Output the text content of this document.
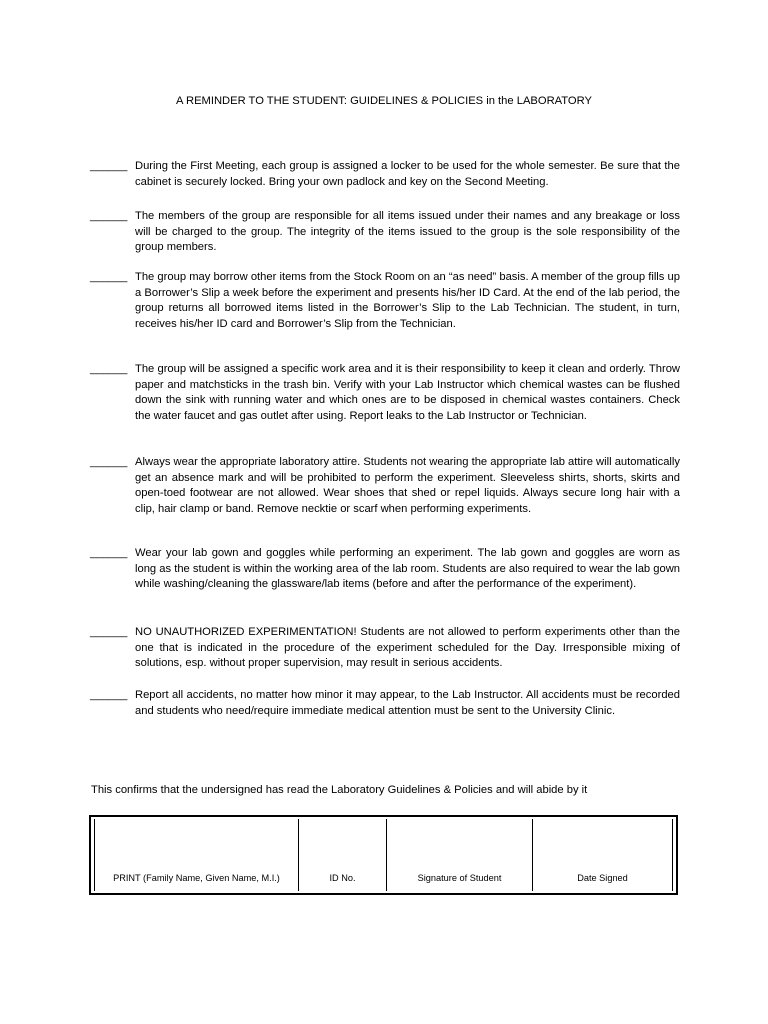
A REMINDER TO THE STUDENT: GUIDELINES & POLICIES in the LABORATORY
______ During the First Meeting, each group is assigned a locker to be used for the whole semester. Be sure that the cabinet is securely locked. Bring your own padlock and key on the Second Meeting.
______ The members of the group are responsible for all items issued under their names and any breakage or loss will be charged to the group. The integrity of the items issued to the group is the sole responsibility of the group members.
______ The group may borrow other items from the Stock Room on an “as need” basis. A member of the group fills up a Borrower’s Slip a week before the experiment and presents his/her ID Card. At the end of the lab period, the group returns all borrowed items listed in the Borrower’s Slip to the Lab Technician. The student, in turn, receives his/her ID card and Borrower’s Slip from the Technician.
______ The group will be assigned a specific work area and it is their responsibility to keep it clean and orderly. Throw paper and matchsticks in the trash bin. Verify with your Lab Instructor which chemical wastes can be flushed down the sink with running water and which ones are to be disposed in chemical wastes containers. Check the water faucet and gas outlet after using. Report leaks to the Lab Instructor or Technician.
______ Always wear the appropriate laboratory attire. Students not wearing the appropriate lab attire will automatically get an absence mark and will be prohibited to perform the experiment. Sleeveless shirts, shorts, skirts and open-toed footwear are not allowed. Wear shoes that shed or repel liquids. Always secure long hair with a clip, hair clamp or band. Remove necktie or scarf when performing experiments.
______ Wear your lab gown and goggles while performing an experiment. The lab gown and goggles are worn as long as the student is within the working area of the lab room. Students are also required to wear the lab gown while washing/cleaning the glassware/lab items (before and after the performance of the experiment).
______ NO UNAUTHORIZED EXPERIMENTATION! Students are not allowed to perform experiments other than the one that is indicated in the procedure of the experiment scheduled for the Day. Irresponsible mixing of solutions, esp. without proper supervision, may result in serious accidents.
______ Report all accidents, no matter how minor it may appear, to the Lab Instructor. All accidents must be recorded and students who need/require immediate medical attention must be sent to the University Clinic.
This confirms that the undersigned has read the Laboratory Guidelines & Policies and will abide by it
PRINT (Family Name, Given Name, M.I.)	ID No.	Signature of Student	Date Signed
